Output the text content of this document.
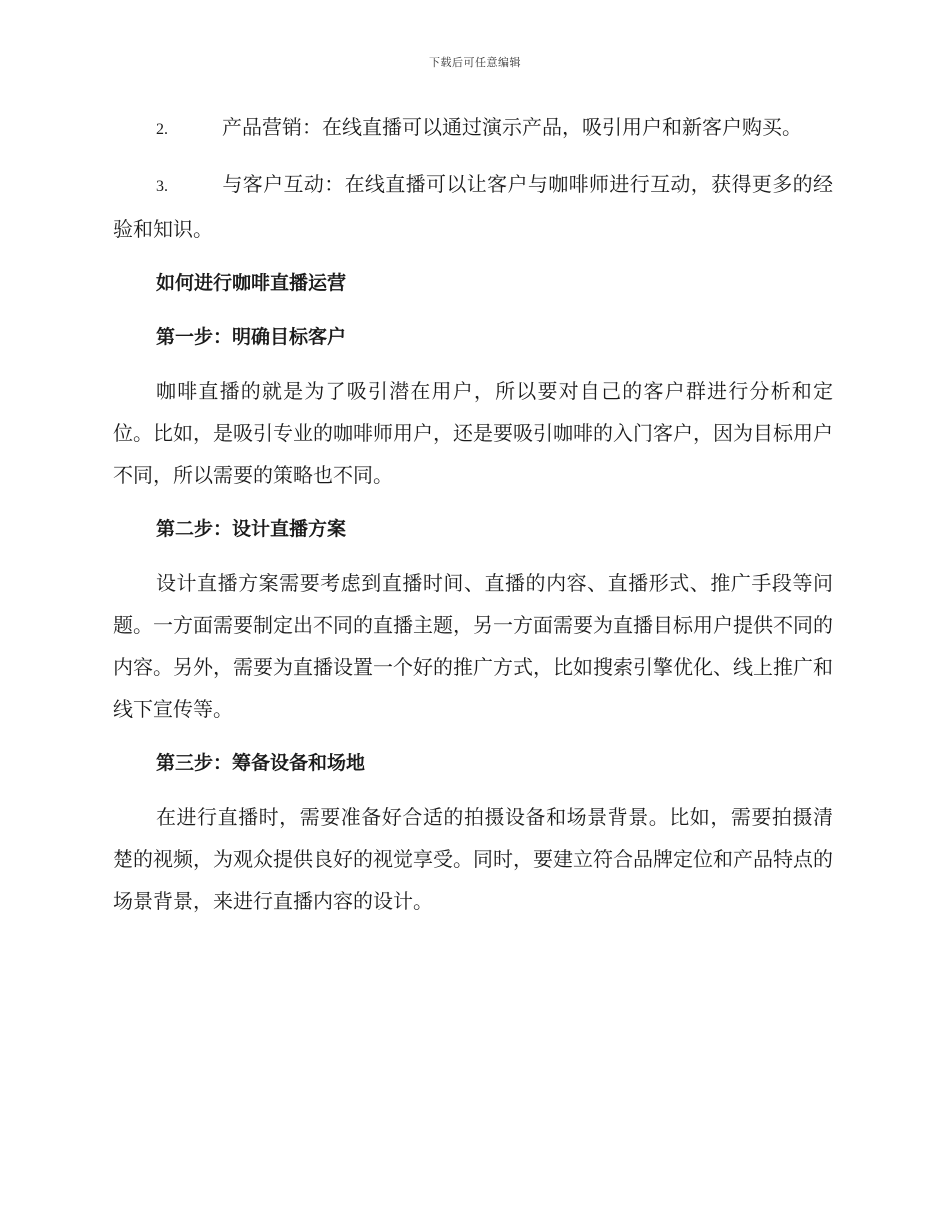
下载后可任意编辑

2.	产品营销：在线直播可以通过演示产品，吸引用户和新客户购买。

3.	与客户互动：在线直播可以让客户与咖啡师进行互动，获得更多的经验和知识。

如何进行咖啡直播运营

第一步：明确目标客户

咖啡直播的就是为了吸引潜在用户，所以要对自己的客户群进行分析和定位。比如，是吸引专业的咖啡师用户，还是要吸引咖啡的入门客户，因为目标用户不同，所以需要的策略也不同。

第二步：设计直播方案

设计直播方案需要考虑到直播时间、直播的内容、直播形式、推广手段等问题。一方面需要制定出不同的直播主题，另一方面需要为直播目标用户提供不同的内容。另外，需要为直播设置一个好的推广方式，比如搜索引擎优化、线上推广和线下宣传等。

第三步：筹备设备和场地

在进行直播时，需要准备好合适的拍摄设备和场景背景。比如，需要拍摄清楚的视频，为观众提供良好的视觉享受。同时，要建立符合品牌定位和产品特点的场景背景，来进行直播内容的设计。
